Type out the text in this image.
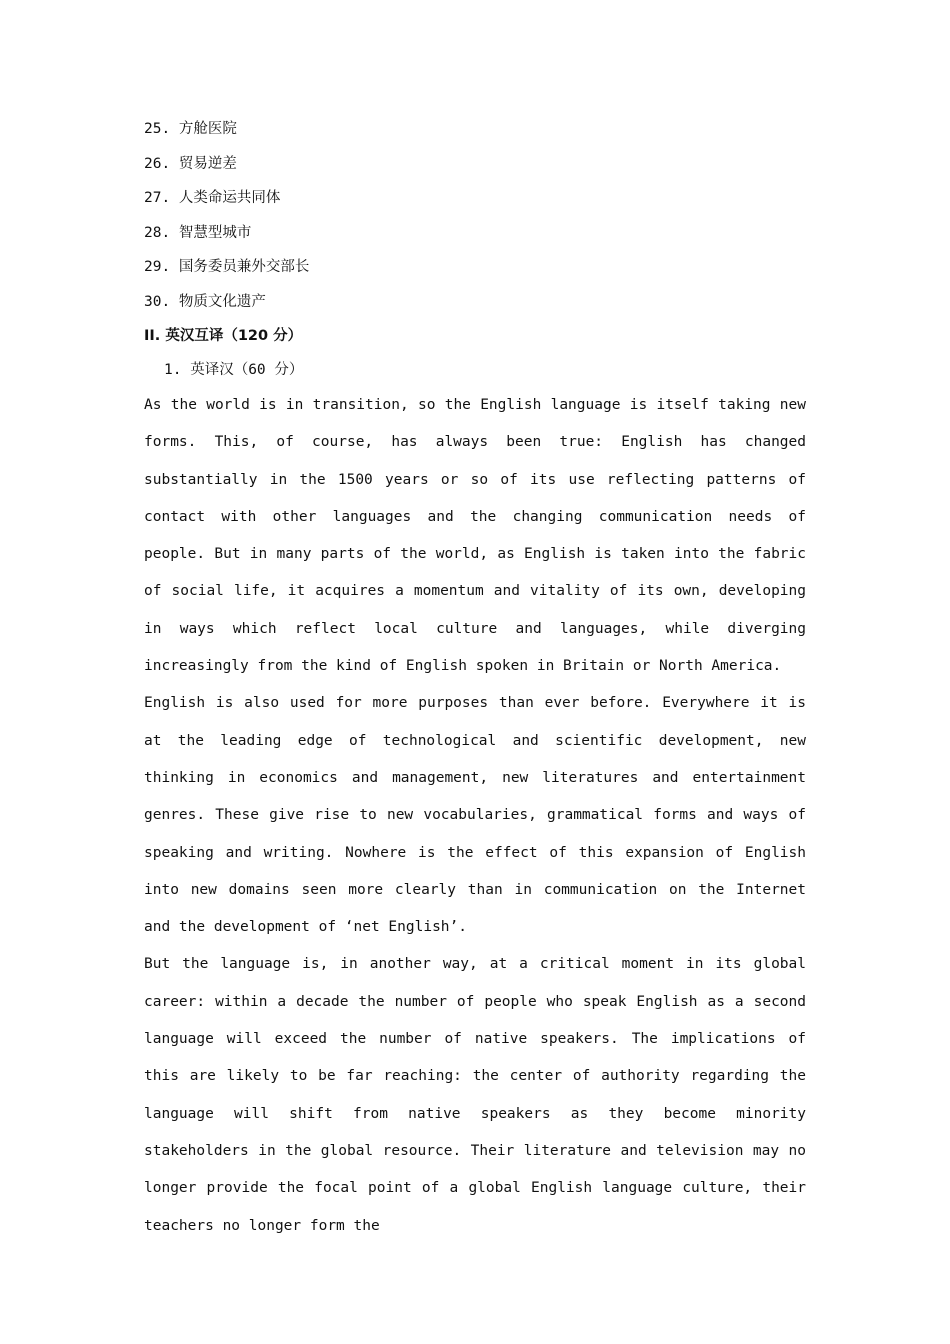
25. 方舱医院
26. 贸易逆差
27. 人类命运共同体
28. 智慧型城市
29. 国务委员兼外交部长
30. 物质文化遗产
II. 英汉互译（120 分）
1. 英译汉（60 分）

As the world is in transition, so the English language is itself taking new forms. This, of course, has always been true: English has changed substantially in the 1500 years or so of its use reflecting patterns of contact with other languages and the changing communication needs of people. But in many parts of the world, as English is taken into the fabric of social life, it acquires a momentum and vitality of its own, developing in ways which reflect local culture and languages, while diverging increasingly from the kind of English spoken in Britain or North America.

English is also used for more purposes than ever before. Everywhere it is at the leading edge of technological and scientific development, new thinking in economics and management, new literatures and entertainment genres. These give rise to new vocabularies, grammatical forms and ways of speaking and writing. Nowhere is the effect of this expansion of English into new domains seen more clearly than in communication on the Internet and the development of ‘net English’.

But the language is, in another way, at a critical moment in its global career: within a decade the number of people who speak English as a second language will exceed the number of native speakers. The implications of this are likely to be far reaching: the center of authority regarding the language will shift from native speakers as they become minority stakeholders in the global resource. Their literature and television may no longer provide the focal point of a global English language culture, their teachers no longer form the
